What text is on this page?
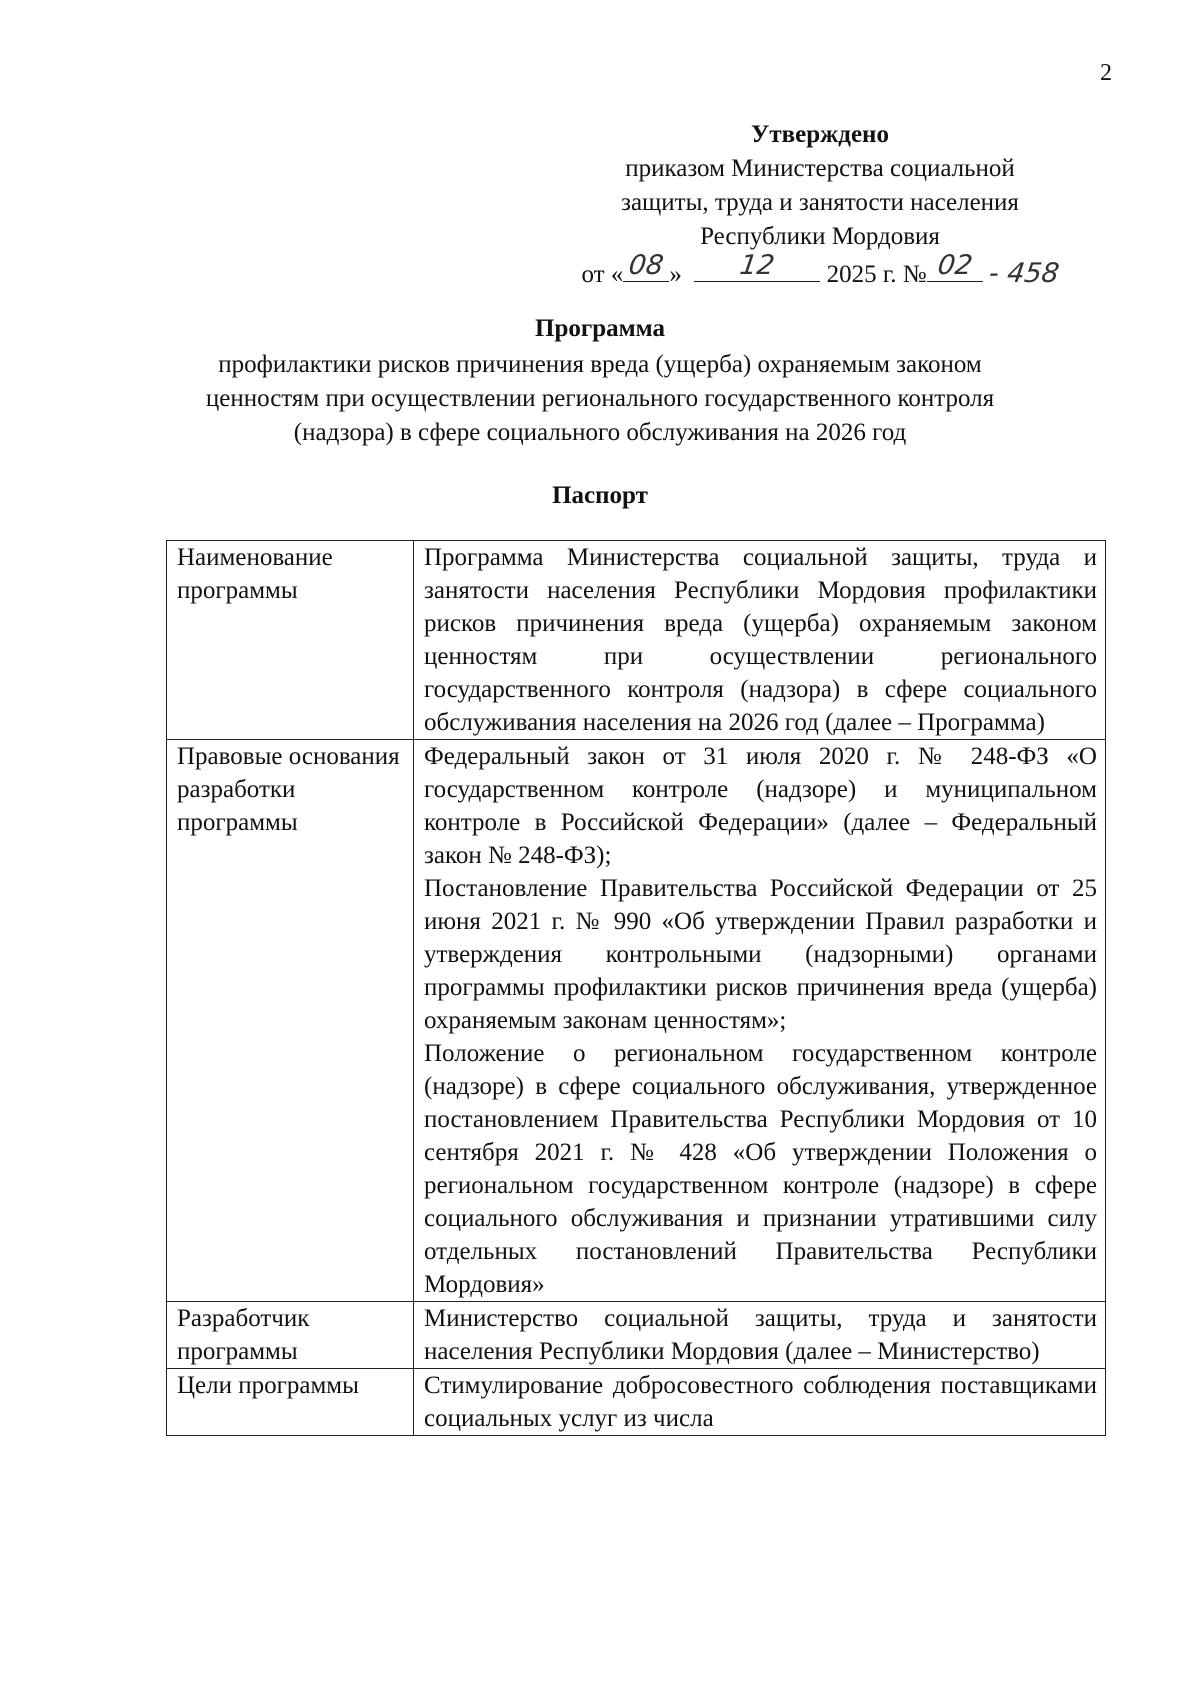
2
Утверждено
приказом Министерства социальной
защиты, труда и занятости населения
Республики Мордовия
от « 08 »	12	2025 г. № 02 - 458
Программа
профилактики рисков причинения вреда (ущерба) охраняемым законом
ценностям при осуществлении регионального государственного контроля
(надзора) в сфере социального обслуживания на 2026 год
Паспорт
Наименование программы	Программа Министерства социальной защиты, труда и занятости населения Республики Мордовия профилактики рисков причинения вреда (ущерба) охраняемым законом ценностям при осуществлении регионального государственного контроля (надзора) в сфере социального обслуживания населения на 2026 год (далее – Программа)

Правовые основания разработки программы	Федеральный закон от 31 июля 2020 г. № 248-ФЗ «О государственном контроле (надзоре) и муниципальном контроле в Российской Федерации» (далее – Федеральный закон № 248-ФЗ);
Постановление Правительства Российской Федерации от 25 июня 2021 г. № 990 «Об утверждении Правил разработки и утверждения контрольными (надзорными) органами программы профилактики рисков причинения вреда (ущерба) охраняемым законам ценностям»;
Положение о региональном государственном контроле (надзоре) в сфере социального обслуживания, утвержденное постановлением Правительства Республики Мордовия от 10 сентября 2021 г. № 428 «Об утверждении Положения о региональном государственном контроле (надзоре) в сфере социального обслуживания и признании утратившими силу отдельных постановлений Правительства Республики Мордовия»

Разработчик программы	Министерство социальной защиты, труда и занятости населения Республики Мордовия (далее – Министерство)

Цели программы	Стимулирование добросовестного соблюдения поставщиками социальных услуг из числа
